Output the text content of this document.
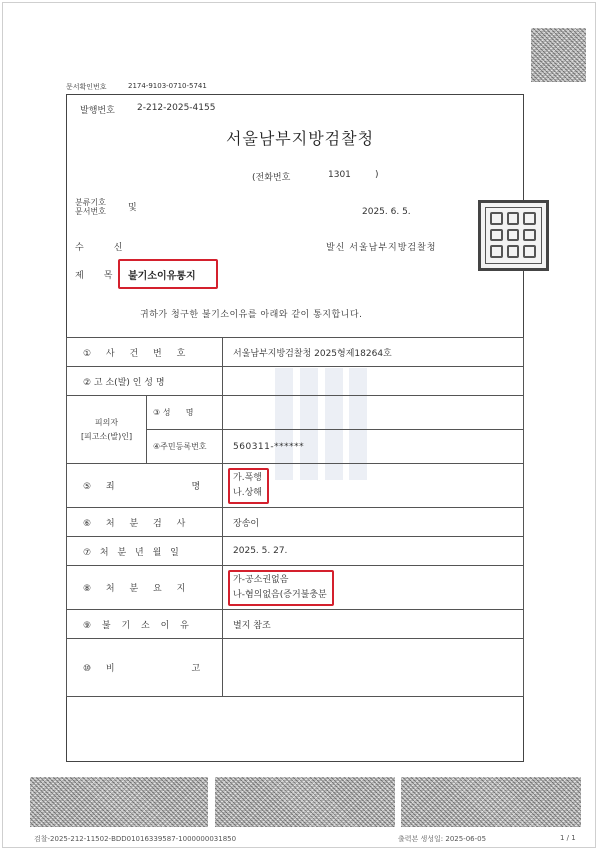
문서확인번호	2174-9103-0710-5741
발행번호 2-212-2025-4155
서울남부지방검찰청
(전화번호	1301	)
분류기호
문서번호 및	2025. 6. 5.
수신	발신 서울남부지방검찰청
제목
불기소이유통지
귀하가 청구한 불기소이유를 아래와 같이 통지합니다.
① 사 건 번 호		서울남부지방검찰청 2025형제18264호
② 고 소(발) 인 성 명		
피의자
[피고소(발)인]	③ 성      명	
	④주민등록번호	560311-******
⑤ 죄        명		가.폭행
나.상해

⑥ 처 분 검 사		장송이
⑦ 처 분 년 월 일		2025. 5. 27.
⑧ 처 분 요 지		가-공소권없음
나-혐의없음(증거불충분

⑨ 불 기 소 이 유		별지 참조
⑩ 비        고		
검찰-2025-212-11502-BDD01016339587-1000000031850	출력본 생성일: 2025-06-05	1 / 1
